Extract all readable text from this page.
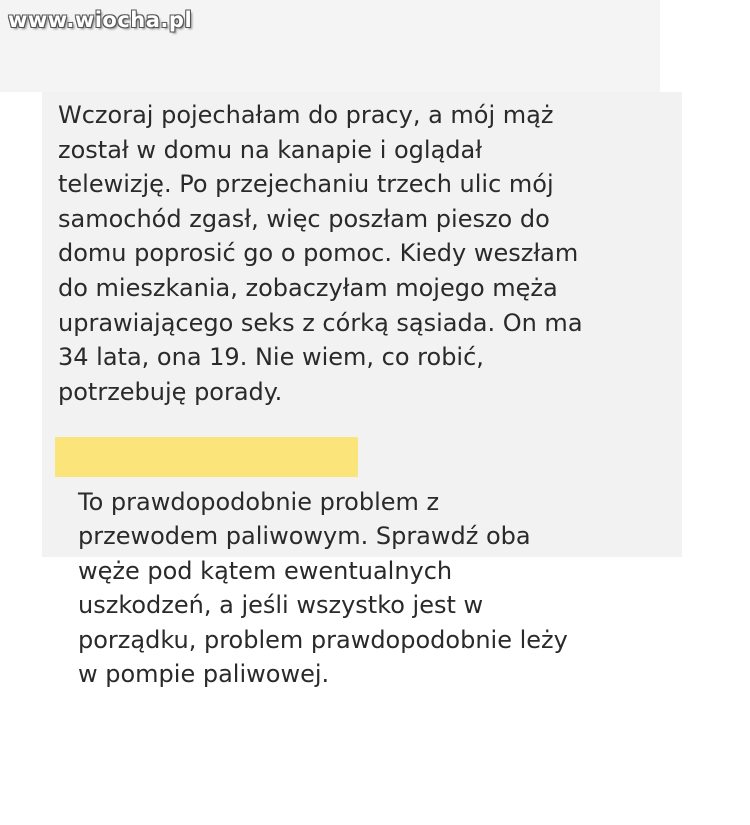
www.wiocha.pl
Wczoraj pojechałam do pracy, a mój mąż
został w domu na kanapie i oglądał
telewizję. Po przejechaniu trzech ulic mój
samochód zgasł, więc poszłam pieszo do
domu poprosić go o pomoc. Kiedy weszłam
do mieszkania, zobaczyłam mojego męża
uprawiającego seks z córką sąsiada. On ma
34 lata, ona 19. Nie wiem, co robić,
potrzebuję porady.
To prawdopodobnie problem z
przewodem paliwowym. Sprawdź oba
węże pod kątem ewentualnych
uszkodzeń, a jeśli wszystko jest w
porządku, problem prawdopodobnie leży
w pompie paliwowej.
